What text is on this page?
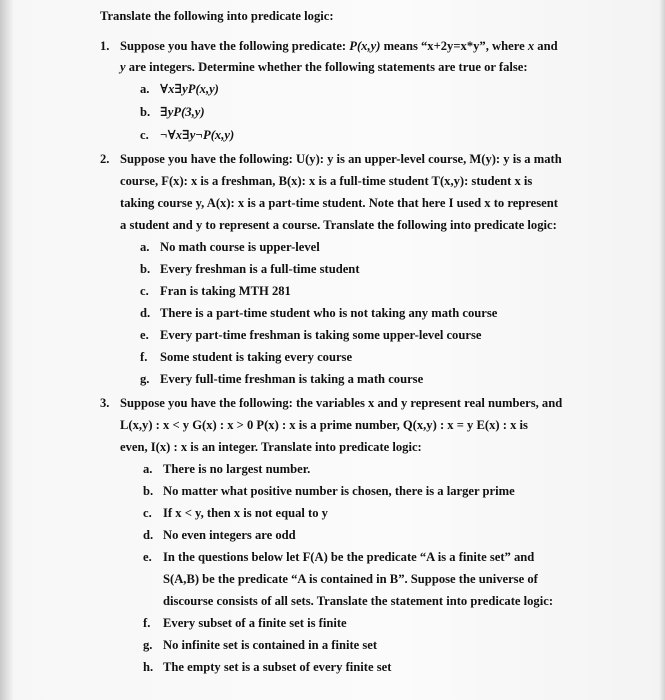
Translate the following into predicate logic:
1. Suppose you have the following predicate: P(x,y) means “x+2y=x*y”, where x and
y are integers. Determine whether the following statements are true or false:
a. ∀x∃yP(x,y)
b. ∃yP(3,y)
c. ¬∀x∃y¬P(x,y)
2. Suppose you have the following: U(y): y is an upper-level course, M(y): y is a math
course, F(x): x is a freshman, B(x): x is a full-time student T(x,y): student x is
taking course y, A(x): x is a part-time student. Note that here I used x to represent
a student and y to represent a course. Translate the following into predicate logic:
a. No math course is upper-level
b. Every freshman is a full-time student
c. Fran is taking MTH 281
d. There is a part-time student who is not taking any math course
e. Every part-time freshman is taking some upper-level course
f. Some student is taking every course
g. Every full-time freshman is taking a math course
3. Suppose you have the following: the variables x and y represent real numbers, and
L(x,y) : x < y G(x) : x > 0 P(x) : x is a prime number, Q(x,y) : x = y E(x) : x is
even, I(x) : x is an integer. Translate into predicate logic:
a. There is no largest number.
b. No matter what positive number is chosen, there is a larger prime
c. If x < y, then x is not equal to y
d. No even integers are odd
e. In the questions below let F(A) be the predicate “A is a finite set” and
S(A,B) be the predicate “A is contained in B”. Suppose the universe of
discourse consists of all sets. Translate the statement into predicate logic:
f. Every subset of a finite set is finite
g. No infinite set is contained in a finite set
h. The empty set is a subset of every finite set
